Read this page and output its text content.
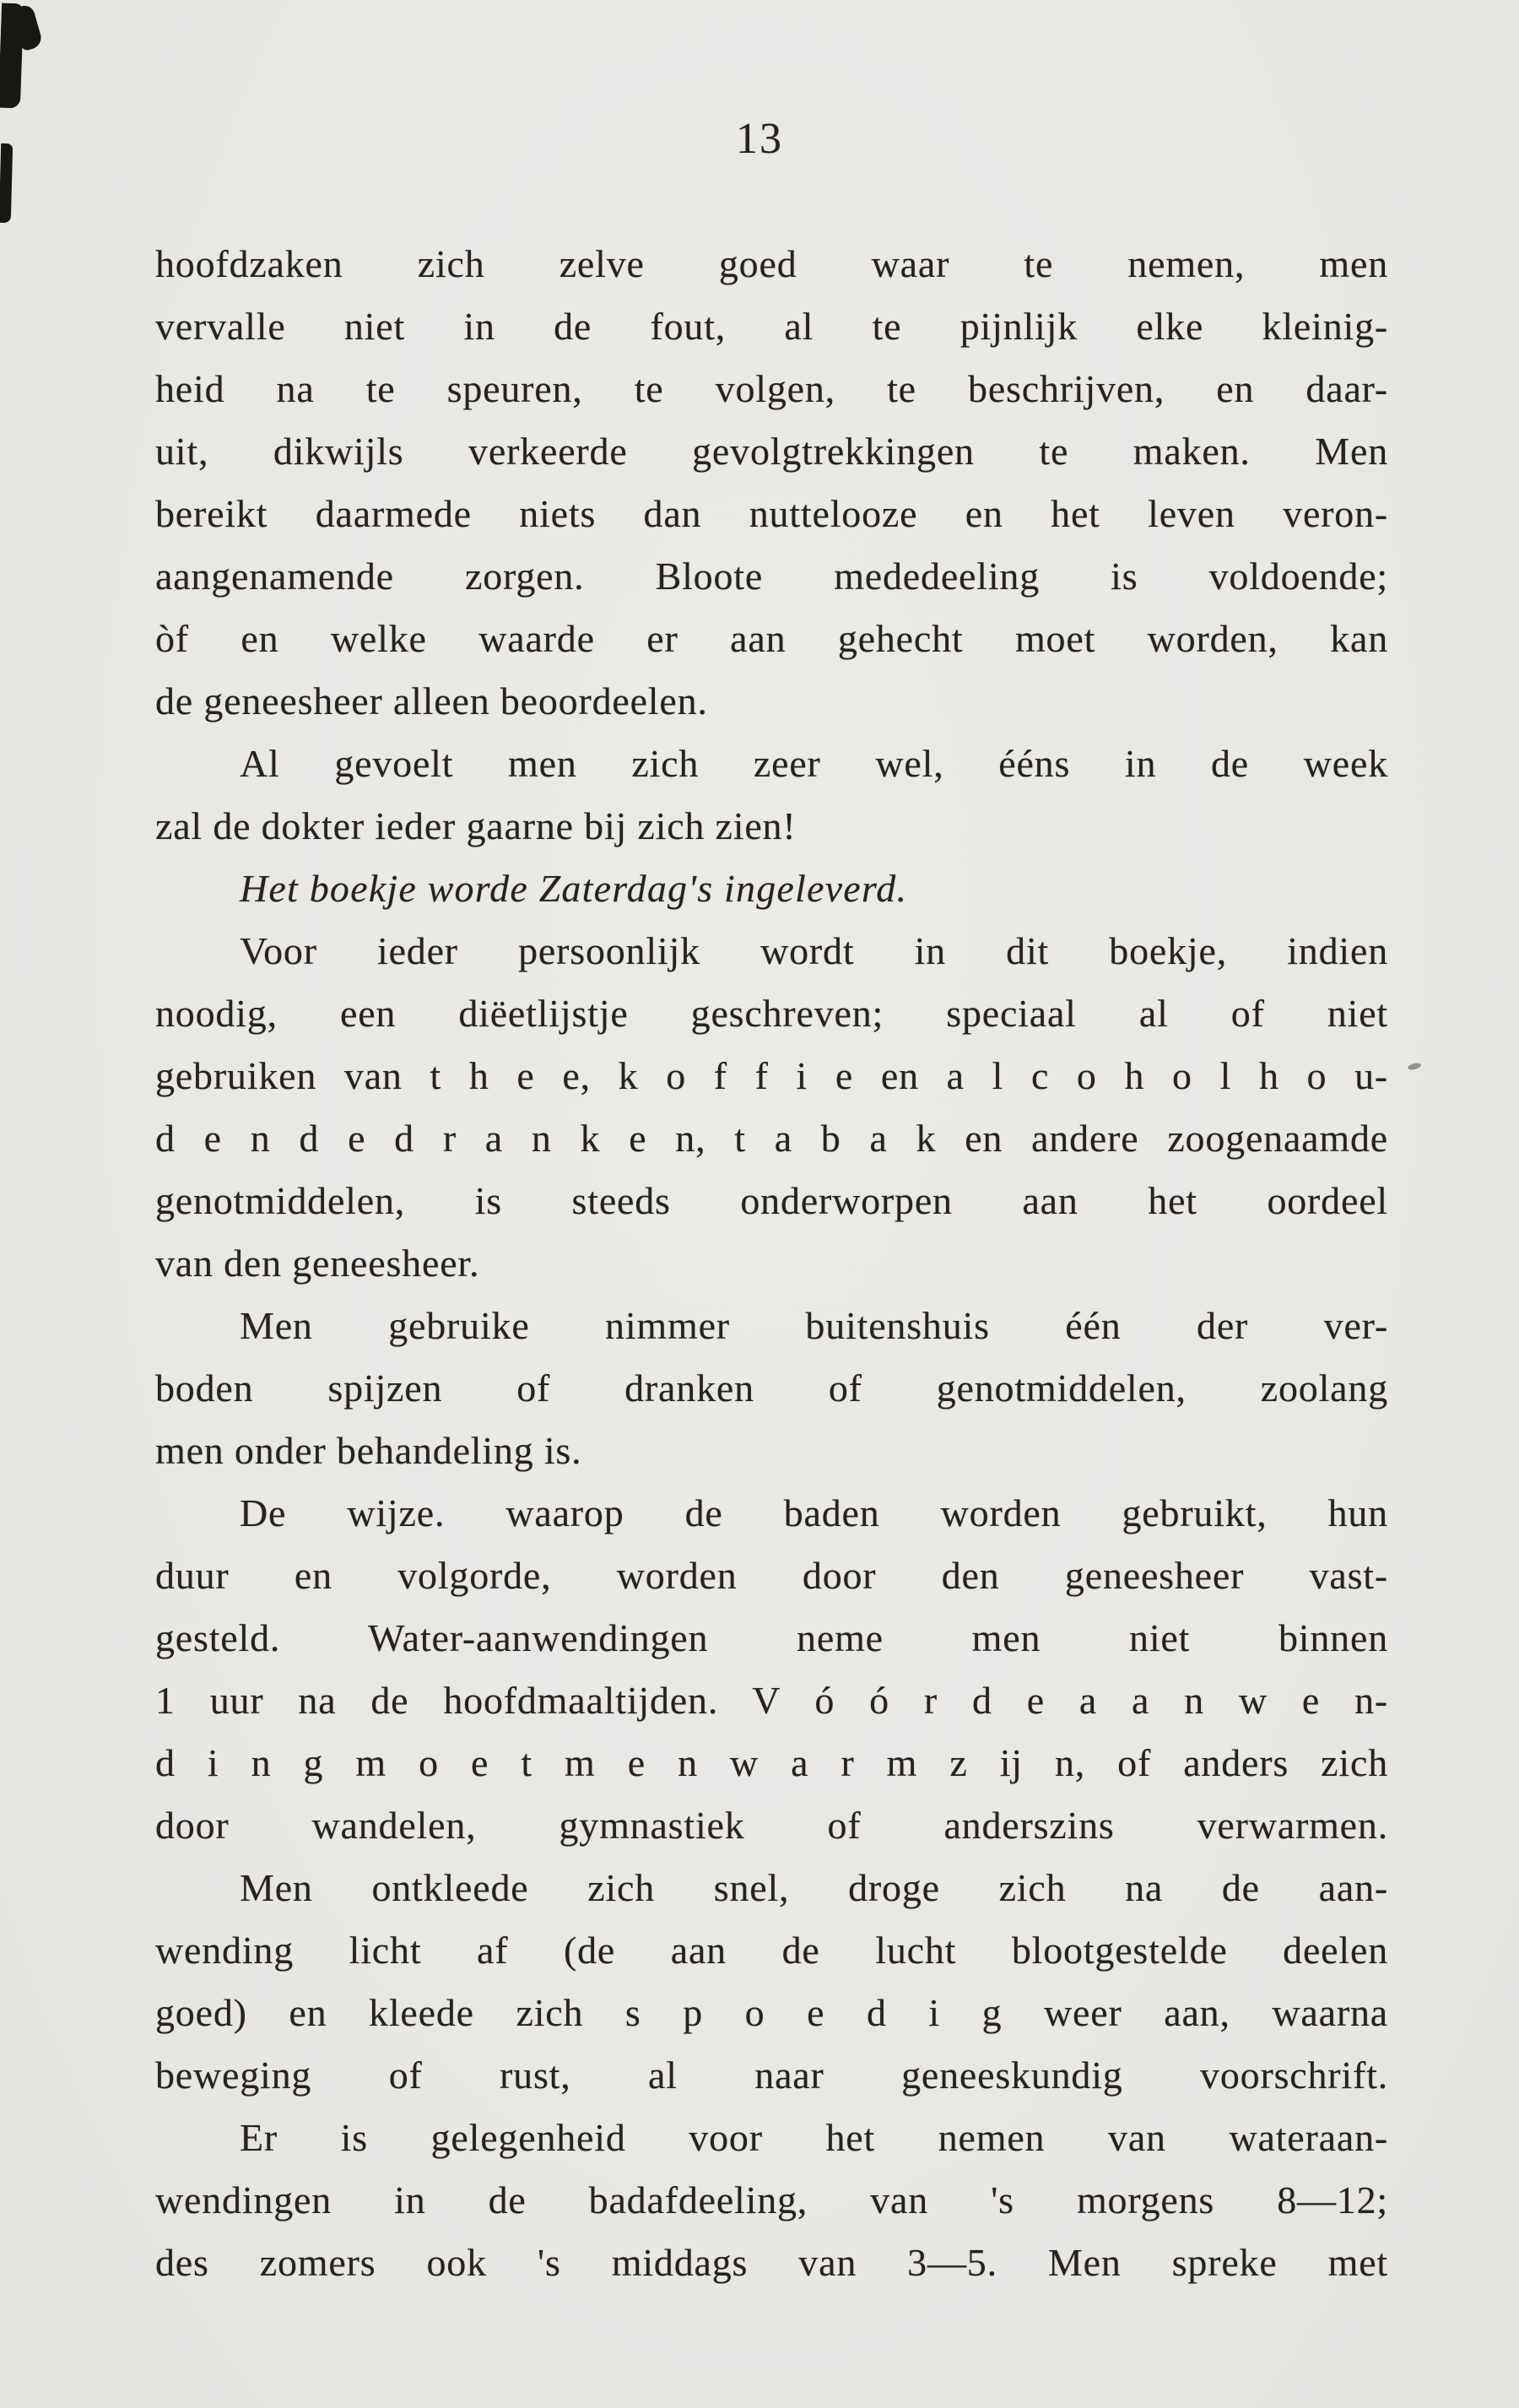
13

hoofdzaken zich zelve goed waar te nemen, men

vervalle niet in de fout, al te pijnlijk elke kleinig-

heid na te speuren, te volgen, te beschrijven, en daar-

uit, dikwijls verkeerde gevolgtrekkingen te maken. Men

bereikt daarmede niets dan nuttelooze en het leven veron-

aangenamende zorgen. Bloote mededeeling is voldoende;

òf en welke waarde er aan gehecht moet worden, kan

de geneesheer alleen beoordeelen.

Al gevoelt men zich zeer wel, ééns in de week

zal de dokter ieder gaarne bij zich zien!

Het boekje worde Zaterdag's ingeleverd.

Voor ieder persoonlijk wordt in dit boekje, indien

noodig, een diëetlijstje geschreven; speciaal al of niet

gebruiken van t h e e, k o f f i e en a l c o h o l h o u-

d e n d e d r a n k e n, t a b a k en andere zoogenaamde

genotmiddelen, is steeds onderworpen aan het oordeel

van den geneesheer.

Men gebruike nimmer buitenshuis één der ver-

boden spijzen of dranken of genotmiddelen, zoolang

men onder behandeling is.

De wijze. waarop de baden worden gebruikt, hun

duur en volgorde, worden door den geneesheer vast-

gesteld. Water-aanwendingen neme men niet binnen

1 uur na de hoofdmaaltijden. V ó ó r d e a a n w e n-

d i n g m o e t m e n w a r m z ij n, of anders zich

door wandelen, gymnastiek of anderszins verwarmen.

Men ontkleede zich snel, droge zich na de aan-

wending licht af (de aan de lucht blootgestelde deelen

goed) en kleede zich s p o e d i g weer aan, waarna

beweging of rust, al naar geneeskundig voorschrift.

Er is gelegenheid voor het nemen van wateraan-

wendingen in de badafdeeling, van 's morgens 8—12;

des zomers ook 's middags van 3—5. Men spreke met
